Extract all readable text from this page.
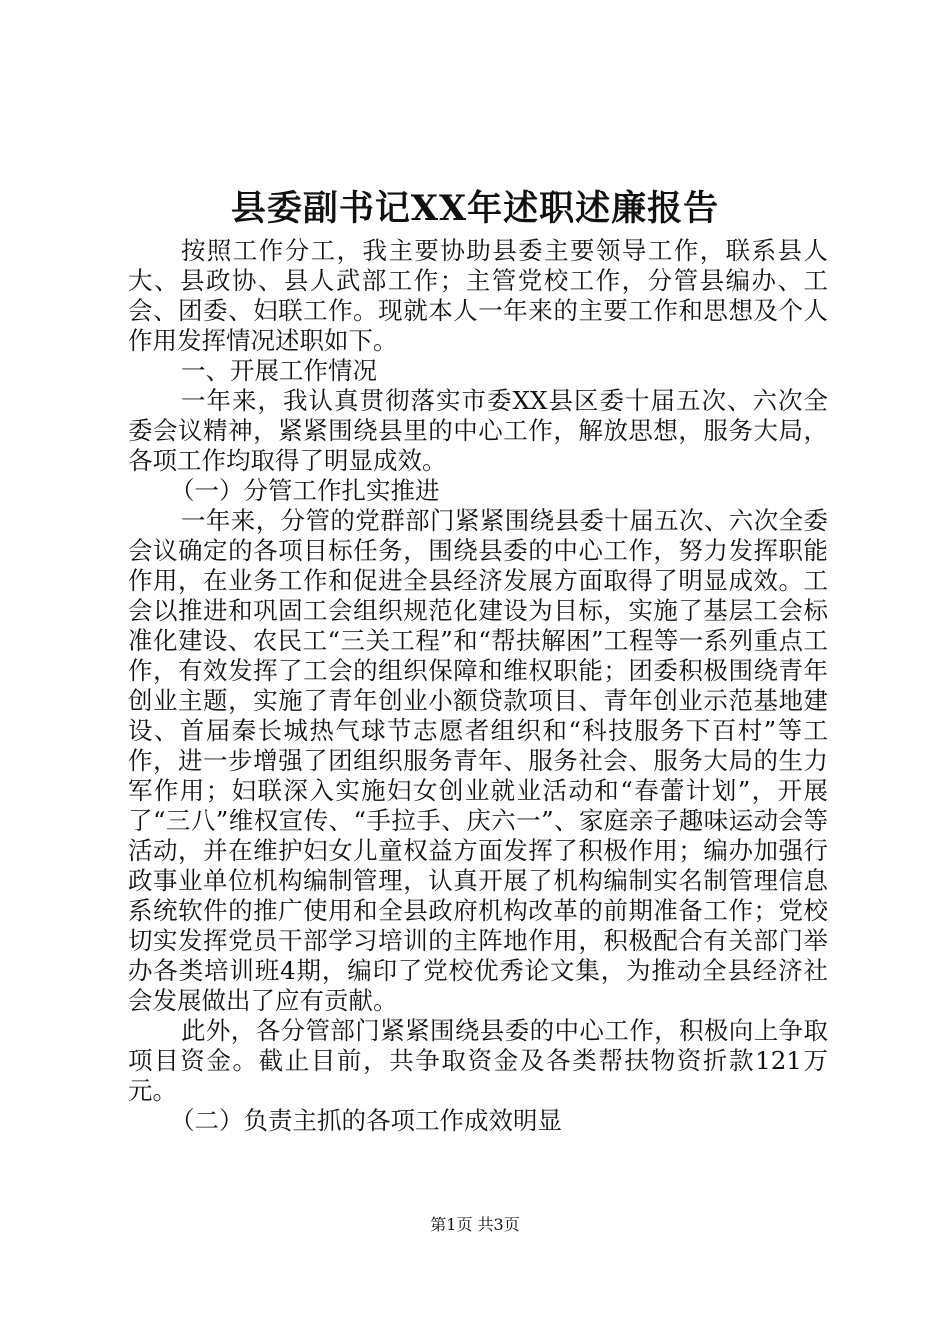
县委副书记XX年述职述廉报告

按照工作分工，我主要协助县委主要领导工作，联系县人大、县政协、县人武部工作；主管党校工作，分管县编办、工会、团委、妇联工作。现就本人一年来的主要工作和思想及个人作用发挥情况述职如下。

一、开展工作情况

一年来，我认真贯彻落实市委XX县区委十届五次、六次全委会议精神，紧紧围绕县里的中心工作，解放思想，服务大局，各项工作均取得了明显成效。

（一）分管工作扎实推进

一年来，分管的党群部门紧紧围绕县委十届五次、六次全委会议确定的各项目标任务，围绕县委的中心工作，努力发挥职能作用，在业务工作和促进全县经济发展方面取得了明显成效。工会以推进和巩固工会组织规范化建设为目标，实施了基层工会标准化建设、农民工“三关工程”和“帮扶解困”工程等一系列重点工作，有效发挥了工会的组织保障和维权职能；团委积极围绕青年创业主题，实施了青年创业小额贷款项目、青年创业示范基地建设、首届秦长城热气球节志愿者组织和“科技服务下百村”等工作，进一步增强了团组织服务青年、服务社会、服务大局的生力军作用；妇联深入实施妇女创业就业活动和“春蕾计划”，开展了“三八”维权宣传、“手拉手、庆六一”、家庭亲子趣味运动会等活动，并在维护妇女儿童权益方面发挥了积极作用；编办加强行政事业单位机构编制管理，认真开展了机构编制实名制管理信息系统软件的推广使用和全县政府机构改革的前期准备工作；党校切实发挥党员干部学习培训的主阵地作用，积极配合有关部门举办各类培训班4期，编印了党校优秀论文集，为推动全县经济社会发展做出了应有贡献。

此外，各分管部门紧紧围绕县委的中心工作，积极向上争取项目资金。截止目前，共争取资金及各类帮扶物资折款121万元。

（二）负责主抓的各项工作成效明显

第1页 共3页
